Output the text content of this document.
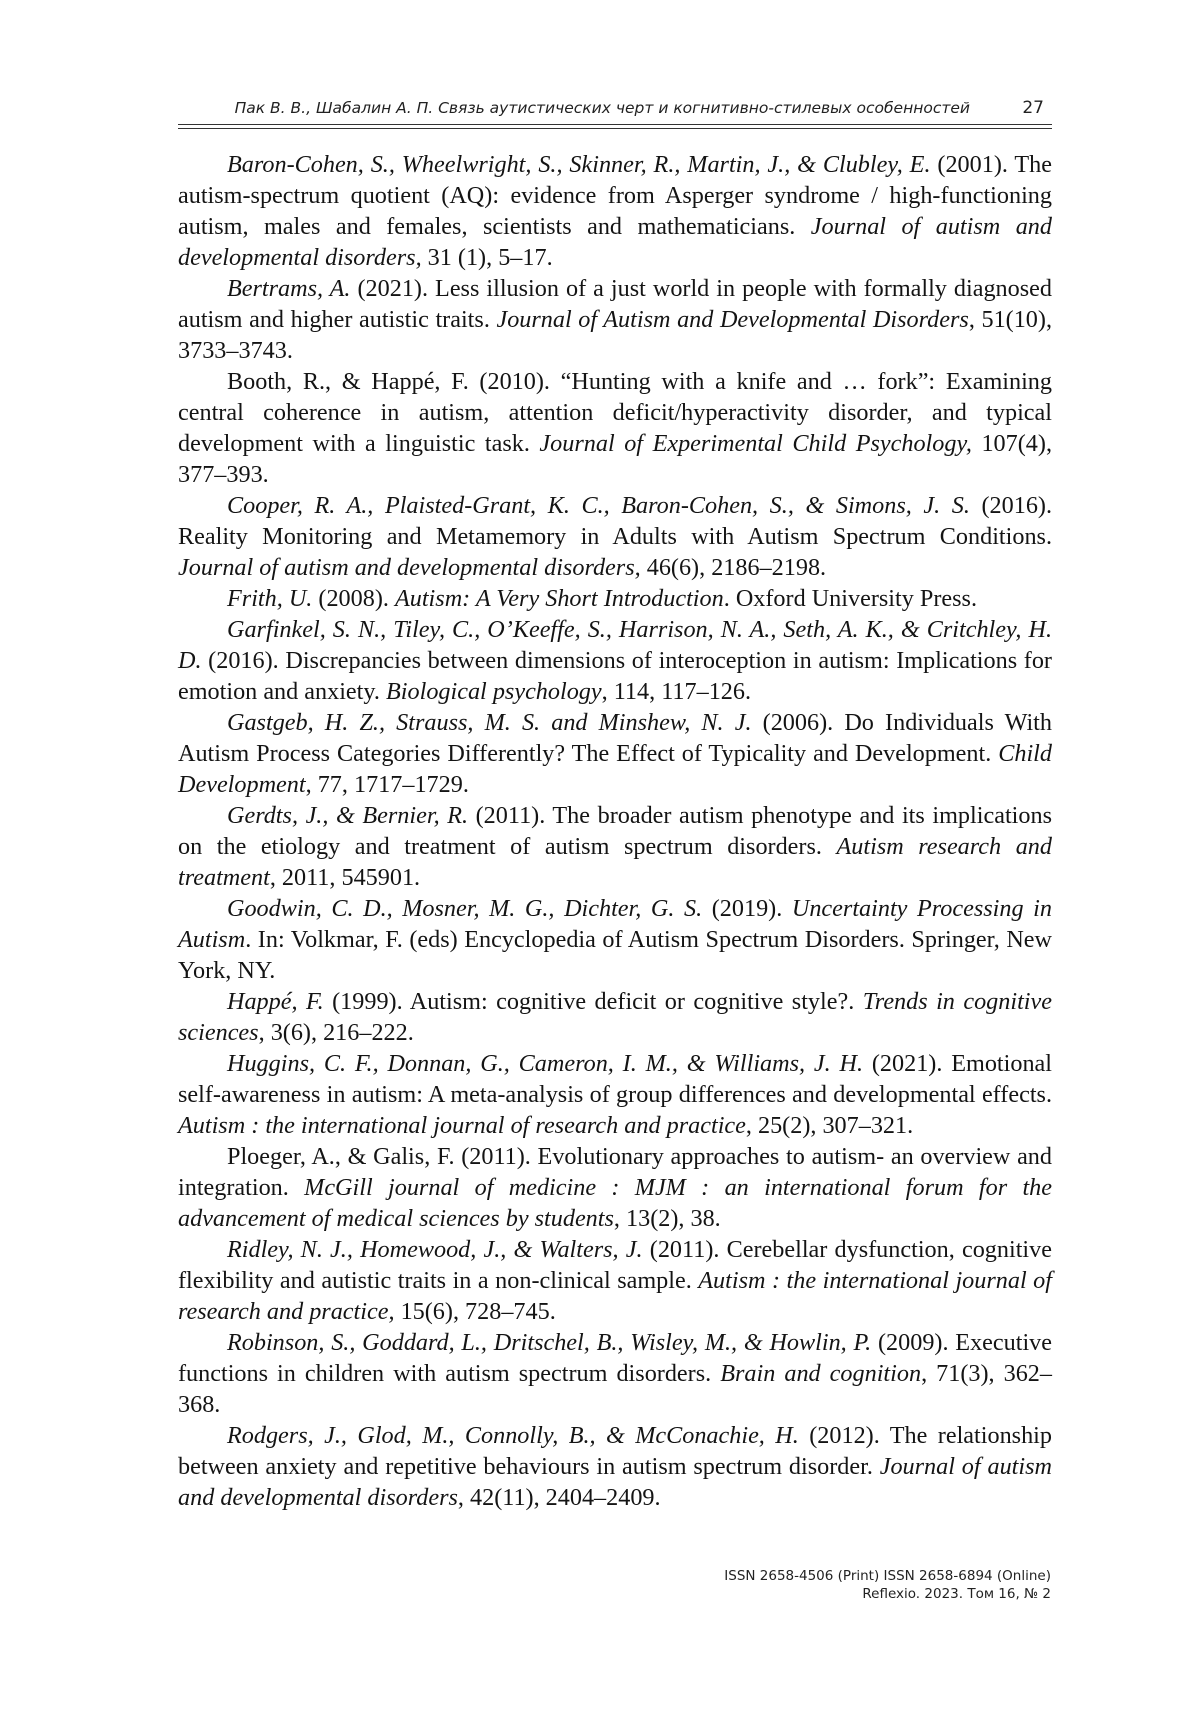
Пак В. В., Шабалин А. П. Связь аутистических черт и когнитивно-стилевых особенностей	27

Baron-Cohen, S., Wheelwright, S., Skinner, R., Martin, J., & Clubley, E. (2001). The autism-spectrum quotient (AQ): evidence from Asperger syndrome / high-functioning autism, males and females, scientists and mathematicians. Journal of autism and developmental disorders, 31 (1), 5–17.

Bertrams, A. (2021). Less illusion of a just world in people with formally diagnosed autism and higher autistic traits. Journal of Autism and Developmental Disorders, 51(10), 3733–3743.

Booth, R., & Happé, F. (2010). “Hunting with a knife and … fork”: Examining central coherence in autism, attention deficit/hyperactivity disorder, and typical development with a linguistic task. Journal of Experimental Child Psychology, 107(4), 377–393.

Cooper, R. A., Plaisted-Grant, K. C., Baron-Cohen, S., & Simons, J. S. (2016). Reality Monitoring and Metamemory in Adults with Autism Spectrum Conditions. Journal of autism and developmental disorders, 46(6), 2186–2198.

Frith, U. (2008). Autism: A Very Short Introduction. Oxford University Press.

Garfinkel, S. N., Tiley, C., O’Keeffe, S., Harrison, N. A., Seth, A. K., & Critchley, H. D. (2016). Discrepancies between dimensions of interoception in autism: Implications for emotion and anxiety. Biological psychology, 114, 117–126.

Gastgeb, H. Z., Strauss, M. S. and Minshew, N. J. (2006). Do Individuals With Autism Process Categories Differently? The Effect of Typicality and Development. Child Development, 77, 1717–1729.

Gerdts, J., & Bernier, R. (2011). The broader autism phenotype and its implications on the etiology and treatment of autism spectrum disorders. Autism research and treatment, 2011, 545901.

Goodwin, C. D., Mosner, M. G., Dichter, G. S. (2019). Uncertainty Processing in Autism. In: Volkmar, F. (eds) Encyclopedia of Autism Spectrum Disorders. Springer, New York, NY.

Happé, F. (1999). Autism: cognitive deficit or cognitive style?. Trends in cognitive sciences, 3(6), 216–222.

Huggins, C. F., Donnan, G., Cameron, I. M., & Williams, J. H. (2021). Emotional self-awareness in autism: A meta-analysis of group differences and developmental effects. Autism : the international journal of research and practice, 25(2), 307–321.

Ploeger, A., & Galis, F. (2011). Evolutionary approaches to autism- an overview and integration. McGill journal of medicine : MJM : an international forum for the advancement of medical sciences by students, 13(2), 38.

Ridley, N. J., Homewood, J., & Walters, J. (2011). Cerebellar dysfunction, cognitive flexibility and autistic traits in a non-clinical sample. Autism : the international journal of research and practice, 15(6), 728–745.

Robinson, S., Goddard, L., Dritschel, B., Wisley, M., & Howlin, P. (2009). Executive functions in children with autism spectrum disorders. Brain and cognition, 71(3), 362–368.

Rodgers, J., Glod, M., Connolly, B., & McConachie, H. (2012). The relationship between anxiety and repetitive behaviours in autism spectrum disorder. Journal of autism and developmental disorders, 42(11), 2404–2409.

ISSN 2658-4506 (Print) ISSN 2658-6894 (Online)
Reflexio. 2023. Том 16, № 2
